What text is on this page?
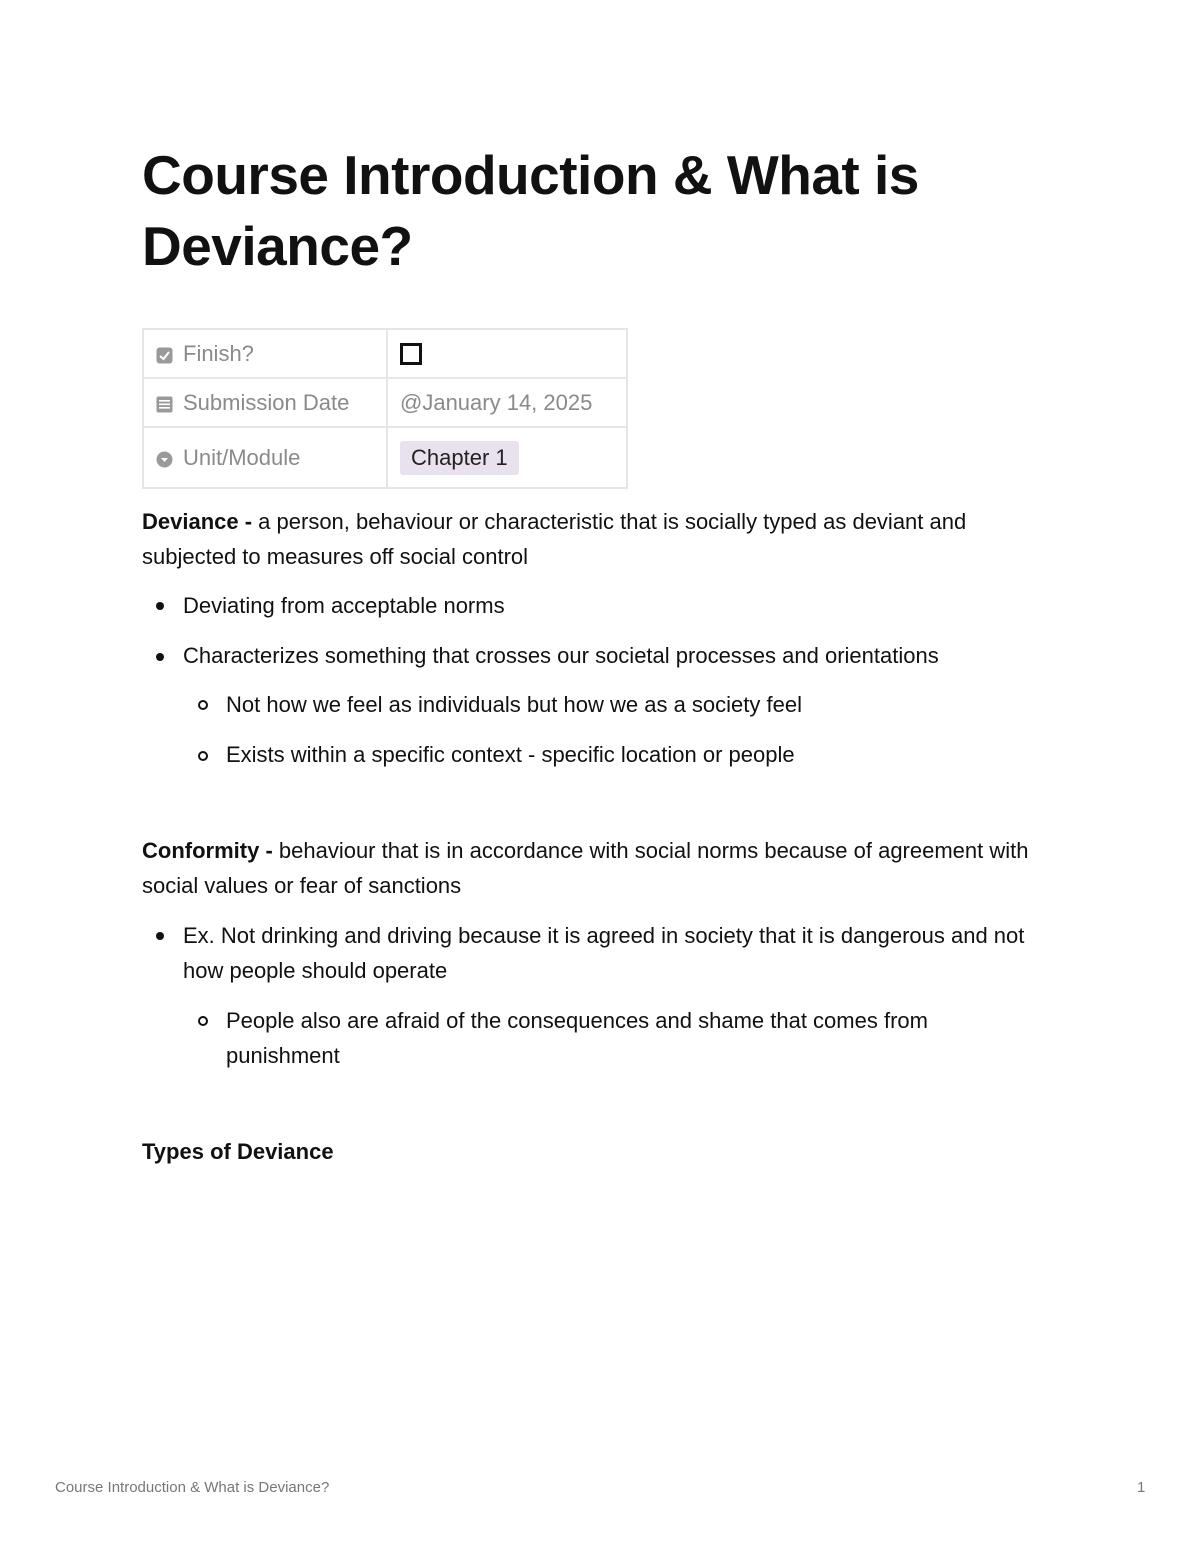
Course Introduction & What is Deviance?
Finish?	
Submission Date	@January 14, 2025
Unit/Module	Chapter 1
Deviance - a person, behaviour or characteristic that is socially typed as deviant and subjected to measures off social control
Deviating from acceptable norms
Characterizes something that crosses our societal processes and orientations
Not how we feel as individuals but how we as a society feel
Exists within a specific context - specific location or people
Conformity - behaviour that is in accordance with social norms because of agreement with social values or fear of sanctions
Ex. Not drinking and driving because it is agreed in society that it is dangerous and not how people should operate
People also are afraid of the consequences and shame that comes from punishment
Types of Deviance
Course Introduction & What is Deviance?	1
